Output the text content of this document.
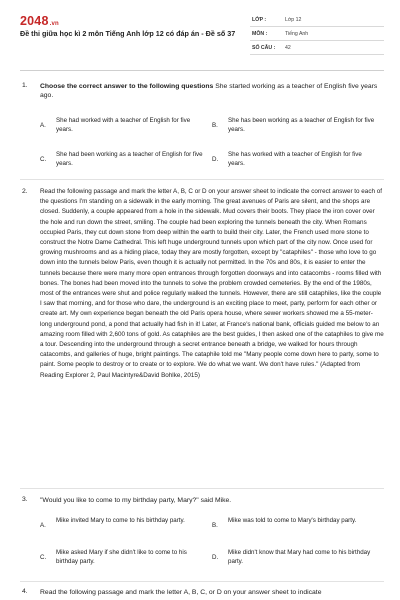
2048.vn
Đề thi giữa học kì 2 môn Tiếng Anh lớp 12 có đáp án - Đề số 37
LỚP :	Lớp 12
MÔN :	Tiếng Anh
SỐ CÂU : 42
1. Choose the correct answer to the following questions She started working as a teacher of English five years ago.
A.
She had worked with a teacher of English for five years.
B.
She has been working as a teacher of English for five years.
C.
She had been working as a teacher of English for five years.
D.
She has worked with a teacher of English for five years.
2. Read the following passage and mark the letter A, B, C or D on your answer sheet to indicate the correct answer to each of the questions I'm standing on a sidewalk in the early morning. The great avenues of Paris are silent, and the shops are closed. Suddenly, a couple appeared from a hole in the sidewalk. Mud covers their boots. They place the iron cover over the hole and run down the street, smiling. The couple had been exploring the tunnels beneath the city. When Romans occupied Paris, they cut down stone from deep within the earth to build their city. Later, the French used more stone to construct the Notre Dame Cathedral. This left huge underground tunnels upon which part of the city now. Once used for growing mushrooms and as a hiding place, today they are mostly forgotten, except by "cataphiles" - those who love to go down into the tunnels below Paris, even though it is actually not permitted. In the 70s and 80s, it is easier to enter the tunnels because there were many more open entrances through forgotten doorways and into catacombs - rooms filled with bones. The bones had been moved into the tunnels to solve the problem crowded cemeteries. By the end of the 1980s, most of the entrances were shut and police regularly walked the tunnels. However, there are still cataphiles, like the couple I saw that morning, and for those who dare, the underground is an exciting place to meet, party, perform for each other or create art. My own experience began beneath the old Paris opera house, where sewer workers showed me a 55-meter-long underground pond, a pond that actually had fish in it! Later, at France's national bank, officials guided me below to an amazing room filled with 2,600 tons of gold. As cataphiles are the best guides, I then asked one of the cataphiles to give me a tour. Descending into the underground through a secret entrance beneath a bridge, we walked for hours through catacombs, and galleries of huge, bright paintings. The cataphile told me "Many people come down here to party, some to paint. Some people to destroy or to create or to explore. We do what we want. We don't have rules." (Adapted from Reading Explorer 2, Paul Macintyre&David Bohlke, 2015)
3. "Would you like to come to my birthday party, Mary?" said Mike.
A.
Mike invited Mary to come to his birthday party.
B.
Mike was told to come to Mary's birthday party.
C.
Mike asked Mary if she didn't like to come to his birthday party.
D.
Mike didn't know that Mary had come to his birthday party.
4. Read the following passage and mark the letter A, B, C, or D on your answer sheet to indicate
